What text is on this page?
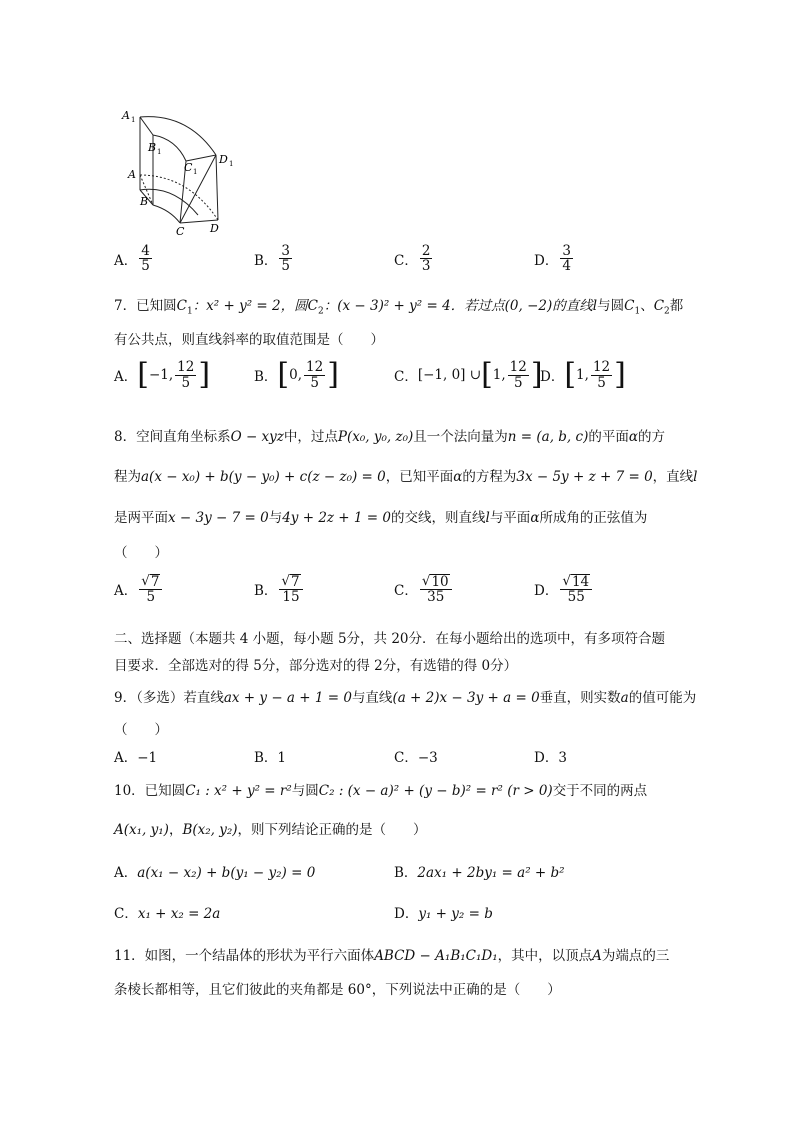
A 1
B 1
C 1
D 1
A
B
C D
A． $\frac{4}{5}$	B． $\frac{3}{5}$	C． $\frac{2}{3}$	D． $\frac{3}{4}$
7．已知圆$C_1$：x² + y² = 2，圆$C_2$：(x − 3)² + y² = 4．若过点(0, −2)的直线l与圆$C_1$、$C_2$都
有公共点，则直线斜率的取值范围是（　　）
A． [ −1, $\frac{12}{5}$ ]	B． [ 0, $\frac{12}{5}$ ]	C． [−1, 0] ∪ [ 1, $\frac{12}{5}$ ]
D． [ 1, $\frac{12}{5}$ ]
8．空间直角坐标系O − xyz中，过点P(x₀, y₀, z₀)且一个法向量为n = (a, b, c)的平面α的方
程为a(x − x₀) + b(y − y₀) + c(z − z₀) = 0，已知平面α的方程为3x − 5y + z + 7 = 0，直线l
是两平面x − 3y − 7 = 0与4y + 2z + 1 = 0的交线，则直线l与平面α所成角的正弦值为
（　　）
A． $\frac{√ 7}{5}$	B． $\frac{√ 7}{15}$	C． $\frac{√ 10}{35}$	D． $\frac{√ 14}{55}$
二、选择题（本题共 4 小题，每小题 5分，共 20分．在每小题给出的选项中，有多项符合题
目要求．全部选对的得 5分，部分选对的得 2分，有选错的得 0分）
9．（多选）若直线ax + y − a + 1 = 0与直线(a + 2)x − 3y + a = 0垂直，则实数a的值可能为
（　　）
A．−1	B．1	C．−3	D．3
10．已知圆C₁ : x² + y² = r²与圆C₂ : (x − a)² + (y − b)² = r² (r > 0)交于不同的两点
A(x₁, y₁)，B(x₂, y₂)，则下列结论正确的是（　　）
A．a(x₁ − x₂) + b(y₁ − y₂) = 0	B．2ax₁ + 2by₁ = a² + b²
C．x₁ + x₂ = 2a	D．y₁ + y₂ = b
11．如图，一个结晶体的形状为平行六面体ABCD − A₁B₁C₁D₁，其中，以顶点A为端点的三
条棱长都相等，且它们彼此的夹角都是 60°，下列说法中正确的是（　　）
